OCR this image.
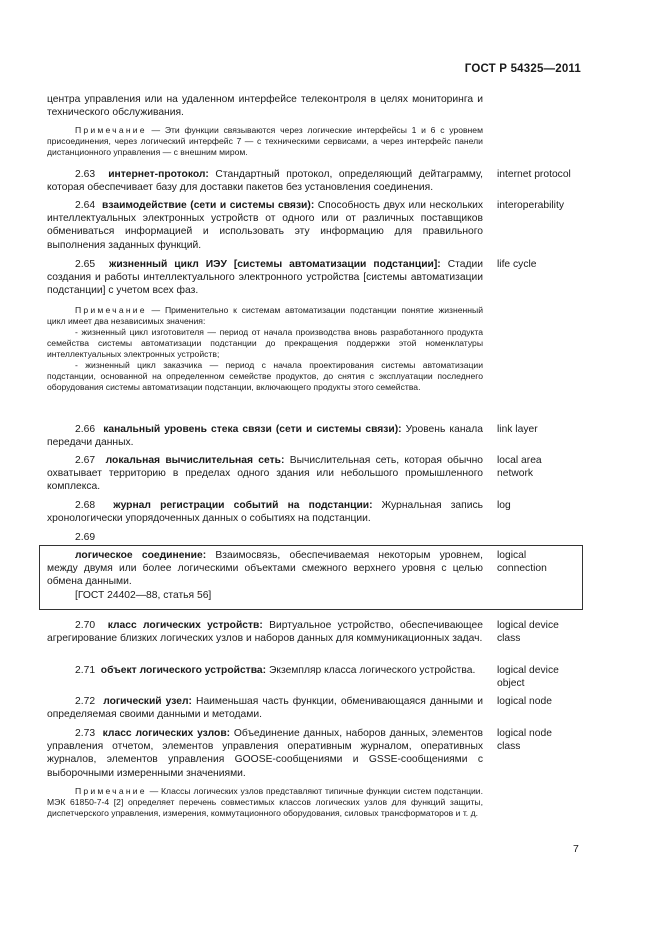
ГОСТ Р 54325—2011
центра управления или на удаленном интерфейсе телеконтроля в целях мониторинга и технического обслуживания.
Примечание — Эти функции связываются через логические интерфейсы 1 и 6 с уровнем присоединения, через логический интерфейс 7 — с техническими сервисами, а через интерфейс панели дистанционного управления — с внешним миром.
2.63 интернет-протокол: Стандартный протокол, определяющий дейтаграмму, которая обеспечивает базу для доставки пакетов без установления соединения.
internet protocol
2.64 взаимодействие (сети и системы связи): Способность двух или нескольких интеллектуальных электронных устройств от одного или от различных поставщиков обмениваться информацией и использовать эту информацию для правильного выполнения заданных функций.
interoperability
2.65 жизненный цикл ИЭУ [системы автоматизации подстанции]: Стадии создания и работы интеллектуального электронного устройства [системы автоматизации подстанции] с учетом всех фаз.
life cycle
Примечание — Применительно к системам автоматизации подстанции понятие жизненный цикл имеет два независимых значения:
- жизненный цикл изготовителя — период от начала производства вновь разработанного продукта семейства системы автоматизации подстанции до прекращения поддержки этой номенклатуры интеллектуальных электронных устройств;
- жизненный цикл заказчика — период с начала проектирования системы автоматизации подстанции, основанной на определенном семействе продуктов, до снятия с эксплуатации последнего оборудования системы автоматизации подстанции, включающего продукты этого семейства.
2.66 канальный уровень стека связи (сети и системы связи): Уровень канала передачи данных.
link layer
2.67 локальная вычислительная сеть: Вычислительная сеть, которая обычно охватывает территорию в пределах одного здания или небольшого промышленного комплекса.
local area
network
2.68 журнал регистрации событий на подстанции: Журнальная запись хронологически упорядоченных данных о событиях на подстанции.
log
2.69
логическое соединение: Взаимосвязь, обеспечиваемая некоторым уровнем, между двумя или более логическими объектами смежного верхнего уровня с целью обмена данными.
[ГОСТ 24402—88, статья 56]
logical
connection
2.70 класс логических устройств: Виртуальное устройство, обеспечивающее агрегирование близких логических узлов и наборов данных для коммуникационных задач.
logical device
class
2.71 объект логического устройства: Экземпляр класса логического устройства.	logical device
object
2.72 логический узел: Наименьшая часть функции, обменивающаяся данными и определяемая своими данными и методами.
logical node
2.73 класс логических узлов: Объединение данных, наборов данных, элементов управления отчетом, элементов управления оперативным журналом, оперативных журналов, элементов управления GOOSE-сообщениями и GSSE-сообщениями с выборочными измеренными значениями.
logical node
class
Примечание — Классы логических узлов представляют типичные функции систем подстанции. МЭК 61850-7-4 [2] определяет перечень совместимых классов логических узлов для функций защиты, диспетчерского управления, измерения, коммутационного оборудования, силовых трансформаторов и т. д.
7
